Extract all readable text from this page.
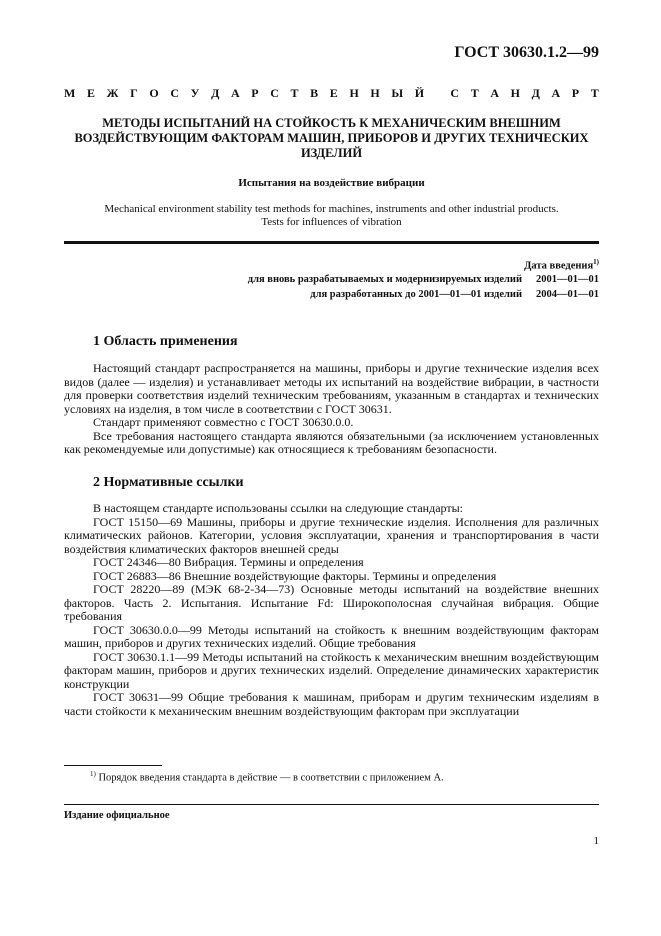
ГОСТ 30630.1.2—99
М Е Ж Г О С У Д А Р С Т В Е Н Н Ы Й
С Т А Н Д А Р Т
МЕТОДЫ ИСПЫТАНИЙ НА СТОЙКОСТЬ К МЕХАНИЧЕСКИМ ВНЕШНИМ ВОЗДЕЙСТВУЮЩИМ ФАКТОРАМ МАШИН, ПРИБОРОВ И ДРУГИХ ТЕХНИЧЕСКИХ ИЗДЕЛИЙ
Испытания на воздействие вибрации
Mechanical environment stability test methods for machines, instruments and other industrial products.
Tests for influences of vibration
Дата введения$^{1)}$
для вновь разрабатываемых и модернизируемых изделий 2001—01—01
для разработанных до 2001—01—01 изделий 2004—01—01
1 Область применения

Настоящий стандарт распространяется на машины, приборы и другие технические изделия всех видов (далее — изделия) и устанавливает методы их испытаний на воздействие вибрации, в частности для проверки соответствия изделий техническим требованиям, указанным в стандартах и технических условиях на изделия, в том числе в соответствии с ГОСТ 30631.

Стандарт применяют совместно с ГОСТ 30630.0.0.

Все требования настоящего стандарта являются обязательными (за исключением установленных как рекомендуемые или допустимые) как относящиеся к требованиям безопасности.

2 Нормативные ссылки

В настоящем стандарте использованы ссылки на следующие стандарты:

ГОСТ 15150—69 Машины, приборы и другие технические изделия. Исполнения для различных климатических районов. Категории, условия эксплуатации, хранения и транспортирования в части воздействия климатических факторов внешней среды

ГОСТ 24346—80 Вибрация. Термины и определения

ГОСТ 26883—86 Внешние воздействующие факторы. Термины и определения

ГОСТ 28220—89 (МЭК 68-2-34—73) Основные методы испытаний на воздействие внешних факторов. Часть 2. Испытания. Испытание Fd: Широкополосная случайная вибрация. Общие требования

ГОСТ 30630.0.0—99 Методы испытаний на стойкость к внешним воздействующим факторам машин, приборов и других технических изделий. Общие требования

ГОСТ 30630.1.1—99 Методы испытаний на стойкость к механическим внешним воздействующим факторам машин, приборов и других технических изделий. Определение динамических характеристик конструкции

ГОСТ 30631—99 Общие требования к машинам, приборам и другим техническим изделиям в части стойкости к механическим внешним воздействующим факторам при эксплуатации

$^{1)}$ Порядок введения стандарта в действие — в соответствии с приложением А.
Издание официальное
1
